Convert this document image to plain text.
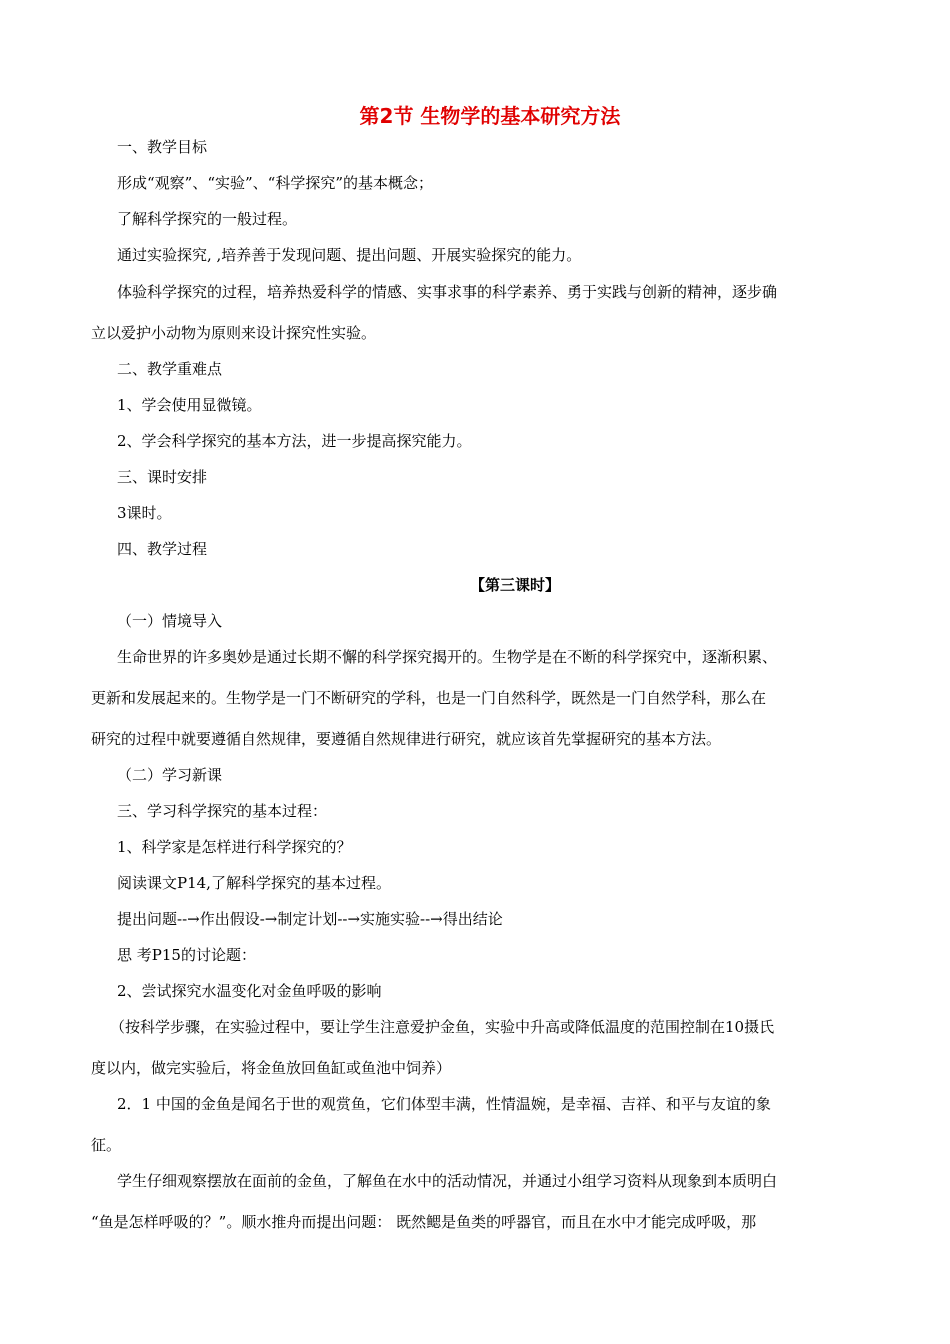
第2节 生物学的基本研究方法
一、教学目标
形成“观察”、“实验”、“科学探究”的基本概念；
了解科学探究的一般过程。
通过实验探究, ,培养善于发现问题、提出问题、开展实验探究的能力。
体验科学探究的过程，培养热爱科学的情感、实事求事的科学素养、勇于实践与创新的精神，逐步确
立以爱护小动物为原则来设计探究性实验。
二、教学重难点
1、学会使用显微镜。
2、学会科学探究的基本方法，进一步提高探究能力。
三、课时安排
3课时。
四、教学过程
【第三课时】
（一）情境导入
生命世界的许多奥妙是通过长期不懈的科学探究揭开的。生物学是在不断的科学探究中，逐渐积累、
更新和发展起来的。生物学是一门不断研究的学科，也是一门自然科学，既然是一门自然学科，那么在
研究的过程中就要遵循自然规律，要遵循自然规律进行研究，就应该首先掌握研究的基本方法。
（二）学习新课
三、学习科学探究的基本过程：
1、科学家是怎样进行科学探究的？
阅读课文P14,了解科学探究的基本过程。
提出问题--→作出假设-→制定计划--→实施实验--→得出结论
思 考P15的讨论题：
2、尝试探究水温变化对金鱼呼吸的影响
（按科学步骤，在实验过程中，要让学生注意爱护金鱼，实验中升高或降低温度的范围控制在10摄氏
度以内，做完实验后，将金鱼放回鱼缸或鱼池中饲养）
2．1 中国的金鱼是闻名于世的观赏鱼，它们体型丰满，性情温婉，是幸福、吉祥、和平与友谊的象
征。
学生仔细观察摆放在面前的金鱼，了解鱼在水中的活动情况，并通过小组学习资料从现象到本质明白
“鱼是怎样呼吸的？”。顺水推舟而提出问题： 既然鳃是鱼类的呼器官，而且在水中才能完成呼吸，那
